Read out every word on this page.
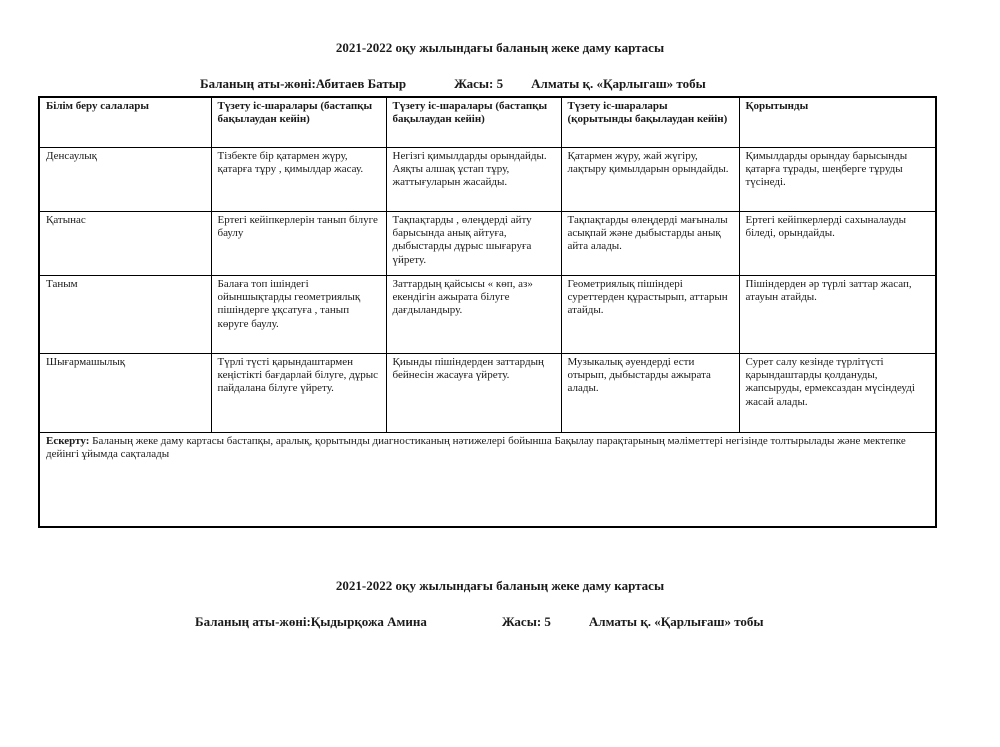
2021-2022 оқу жылындағы баланың жеке даму картасы
Баланың аты-жөні:Абитаев Батыр	Жасы: 5 Алматы қ. «Қарлыгаш» тобы
Білім беру салалары	Түзету іс-шаралары (бастапқы бақылаудан кейін)	Түзету іс-шаралары (бастапқы бақылаудан кейін)	Түзету іс-шаралары (қорытынды бақылаудан кейін)	Қорытынды
Денсаулық	Тізбекте бір қатармен жүру, қатарға тұру , қимылдар жасау.	Негізгі қимылдарды орындайды. Аяқты алшақ ұстап тұру, жаттығуларын жасайды.	Қатармен жүру, жай жүгіру, лақтыру қимылдарын орындайды.	Қимылдарды орындау барысынды қатарға тұрады, шеңберге тұруды түсінеді.
Қатынас	Ертегі кейіпкерлерін танып білуге баулу	Тақпақтарды , өлеңдерді айту барысында анық айтуға, дыбыстарды дұрыс шығаруға үйрету.	Тақпақтарды өлеңдерді мағыналы асықпай және дыбыстарды анық айта алады.	Ертегі кейіпкерлерді сахыналауды біледі, орындайды.
Таным	Балаға топ ішіндегі ойыншықтарды геометриялық пішіндерге ұқсатуға , танып көруге баулу.	Заттардың қайсысы « көп, аз» екендігін ажырата білуге дағдыландыру.	Геометриялық пішіндері суреттерден құрастырып, аттарын атайды.	Пішіндерден әр түрлі заттар жасап, атауын атайды.
Шығармашылық	Түрлі түсті қарындаштармен кеңістікті бағдарлай білуге, дұрыс пайдалана білуге үйрету.	Қиынды пішіндерден заттардың бейнесін жасауға үйрету.	Музыкалық әуендерді ести отырып, дыбыстарды ажырата алады.	Сурет салу кезінде түрлітүсті қарындаштарды қолдануды, жапсыруды, ермексаздан мүсіндеуді жасай алады.
Ескерту: Баланың жеке даму картасы бастапқы, аралық, қорытынды диагностиканың нәтижелері бойынша Бақылау парақтарының мәліметтері негізінде толтырылады және мектепке дейінгі ұйымда сақталады				
2021-2022 оқу жылындағы баланың жеке даму картасы
Баланың аты-жөні:Қыдырқожа Амина	Жасы: 5	Алматы қ. «Қарлығаш» тобы
